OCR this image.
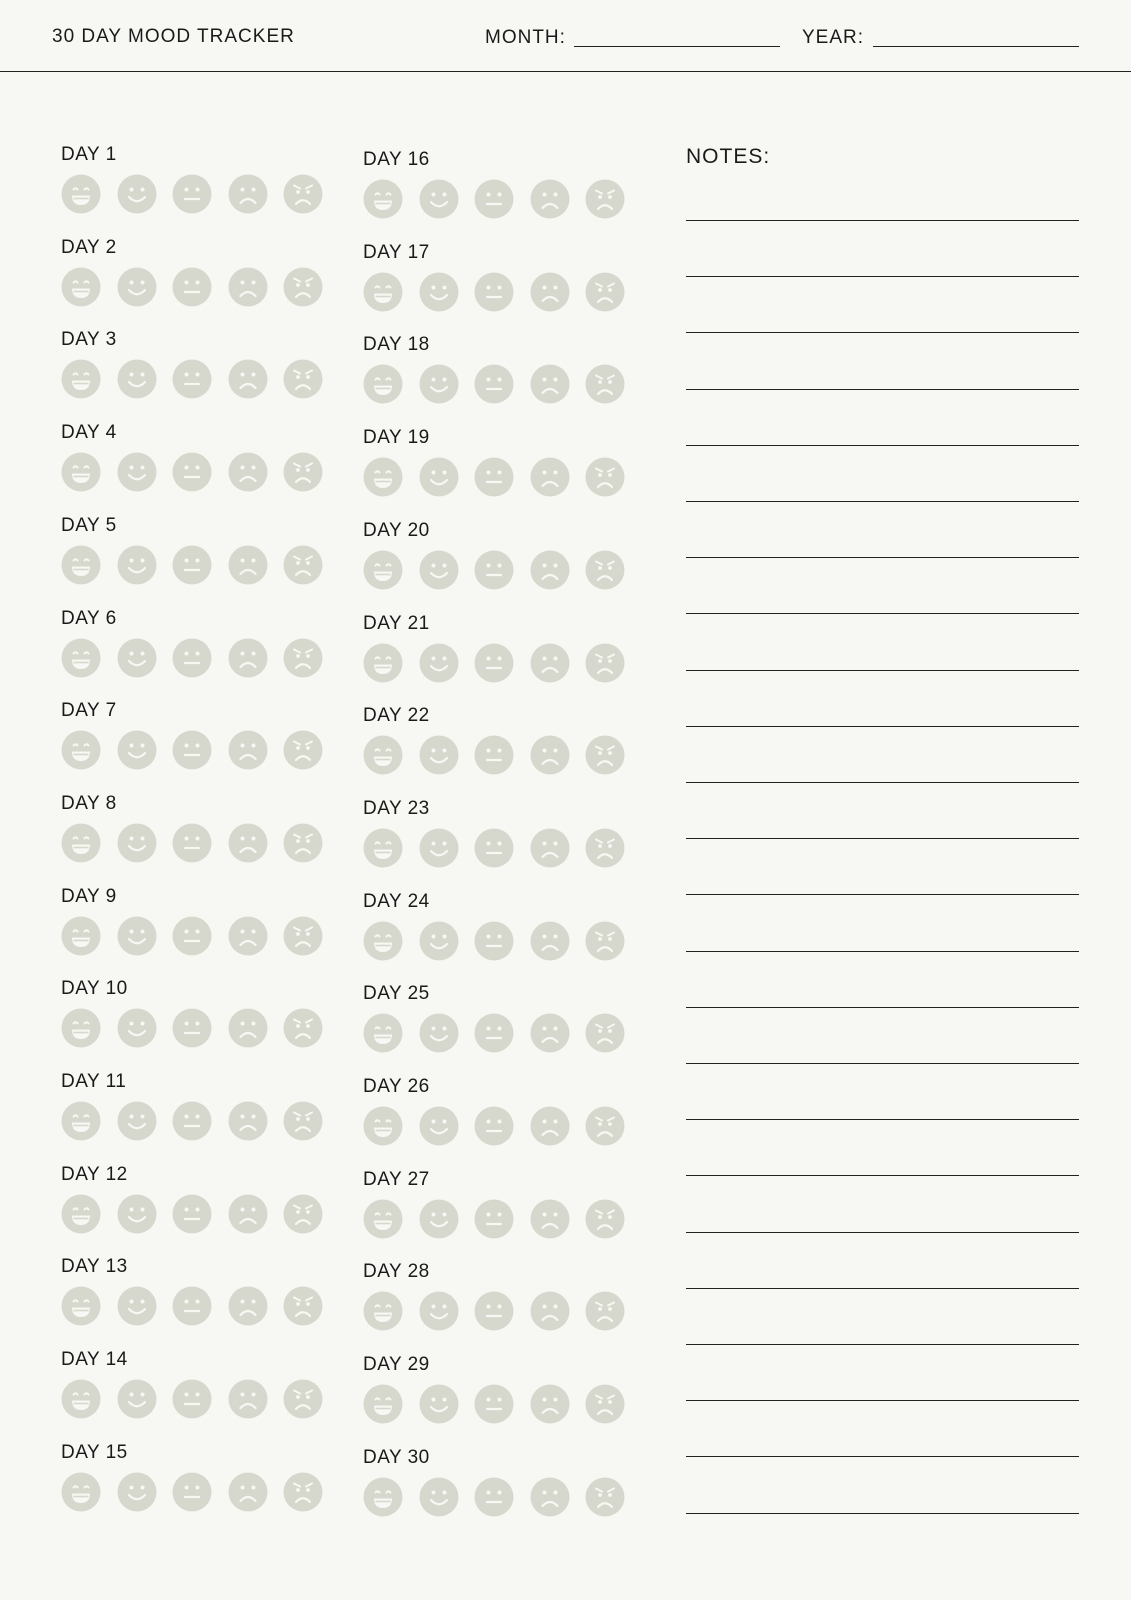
30 DAY MOOD TRACKER	MONTH:	YEAR:
DAY 1
DAY 2
DAY 3
DAY 4
DAY 5
DAY 6
DAY 7
DAY 8
DAY 9
DAY 10
DAY 11
DAY 12
DAY 13
DAY 14
DAY 15
DAY 16
DAY 17
DAY 18
DAY 19
DAY 20
DAY 21
DAY 22
DAY 23
DAY 24
DAY 25
DAY 26
DAY 27
DAY 28
DAY 29
DAY 30
NOTES:
